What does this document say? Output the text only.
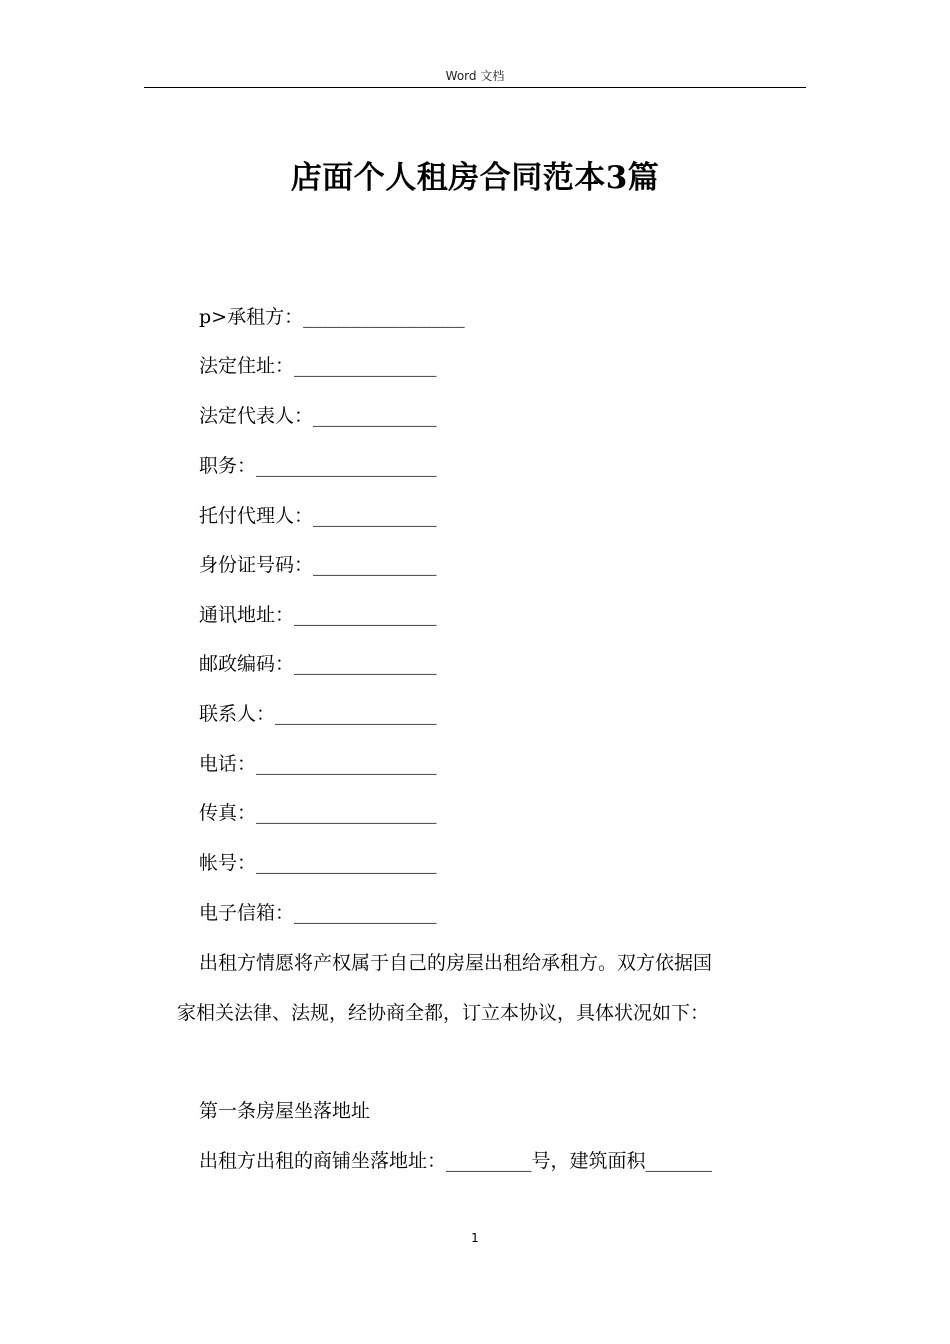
Word 文档
店面个人租房合同范本3篇
p>承租方：_________________
法定住址：_______________
法定代表人：_____________
职务：___________________
托付代理人：_____________
身份证号码：_____________
通讯地址：_______________
邮政编码：_______________
联系人：_________________
电话：___________________
传真：___________________
帐号：___________________
电子信箱：_______________
出租方情愿将产权属于自己的房屋出租给承租方。双方依据国
家相关法律、法规，经协商全都，订立本协议，具体状况如下：
第一条房屋坐落地址
出租方出租的商铺坐落地址：_________号，建筑面积_______
1
